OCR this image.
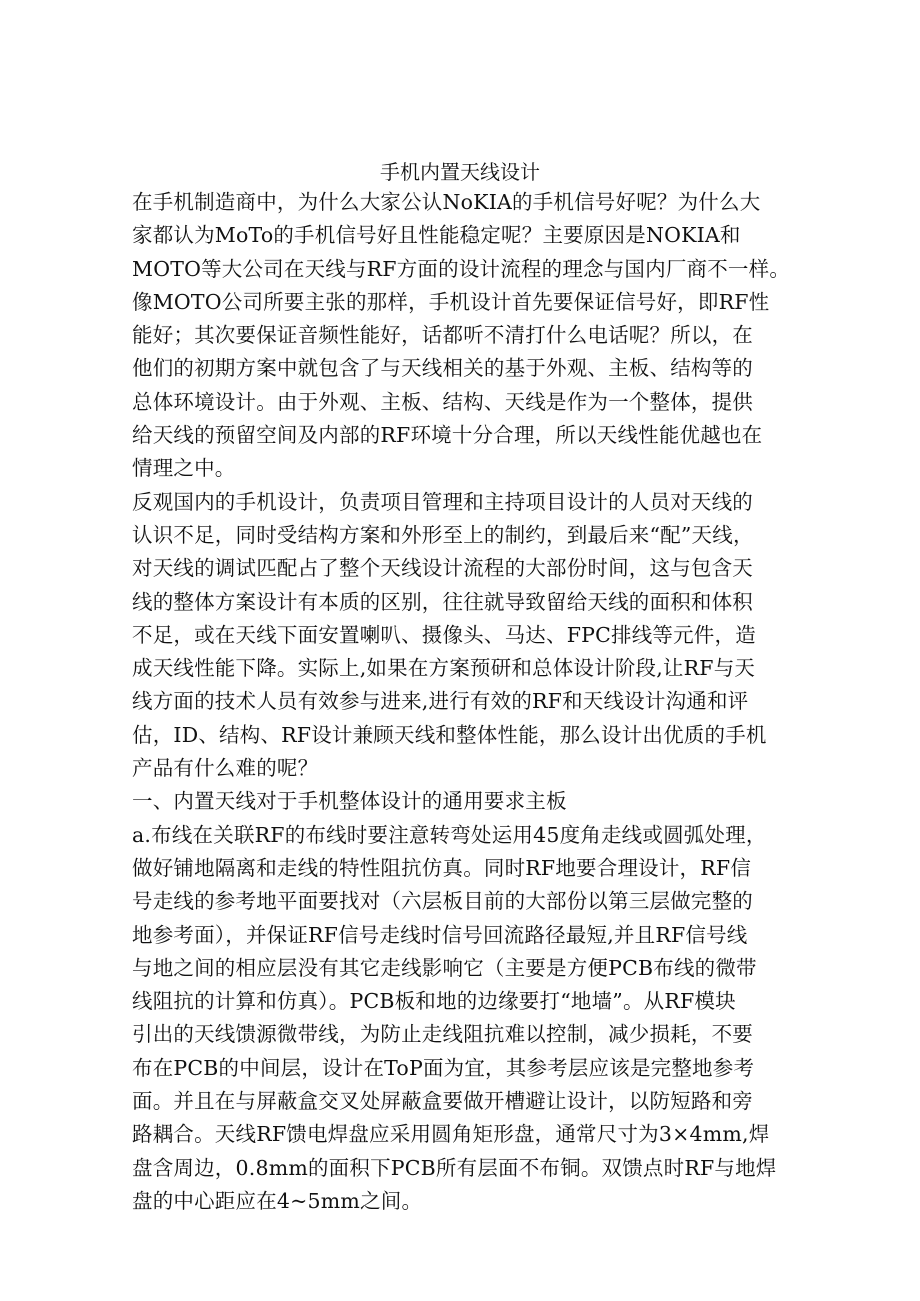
手机内置天线设计
在手机制造商中，为什么大家公认NoKIA的手机信号好呢？为什么大
家都认为MoTo的手机信号好且性能稳定呢？主要原因是NOKIA和
MOTO等大公司在天线与RF方面的设计流程的理念与国内厂商不一样。
像MOTO公司所要主张的那样，手机设计首先要保证信号好，即RF性
能好；其次要保证音频性能好，话都听不清打什么电话呢？所以，在
他们的初期方案中就包含了与天线相关的基于外观、主板、结构等的
总体环境设计。由于外观、主板、结构、天线是作为一个整体，提供
给天线的预留空间及内部的RF环境十分合理，所以天线性能优越也在
情理之中。
反观国内的手机设计，负责项目管理和主持项目设计的人员对天线的
认识不足，同时受结构方案和外形至上的制约，到最后来“配”天线，
对天线的调试匹配占了整个天线设计流程的大部份时间，这与包含天
线的整体方案设计有本质的区别，往往就导致留给天线的面积和体积
不足，或在天线下面安置喇叭、摄像头、马达、FPC排线等元件，造
成天线性能下降。实际上,如果在方案预研和总体设计阶段,让RF与天
线方面的技术人员有效参与进来,进行有效的RF和天线设计沟通和评
估，ID、结构、RF设计兼顾天线和整体性能，那么设计出优质的手机
产品有什么难的呢？
一、内置天线对于手机整体设计的通用要求主板
a.布线在关联RF的布线时要注意转弯处运用45度角走线或圆弧处理，
做好铺地隔离和走线的特性阻抗仿真。同时RF地要合理设计，RF信
号走线的参考地平面要找对（六层板目前的大部份以第三层做完整的
地参考面），并保证RF信号走线时信号回流路径最短,并且RF信号线
与地之间的相应层没有其它走线影响它（主要是方便PCB布线的微带
线阻抗的计算和仿真）。PCB板和地的边缘要打“地墙”。从RF模块
引出的天线馈源微带线，为防止走线阻抗难以控制，减少损耗，不要
布在PCB的中间层，设计在ToP面为宜，其参考层应该是完整地参考
面。并且在与屏蔽盒交叉处屏蔽盒要做开槽避让设计，以防短路和旁
路耦合。天线RF馈电焊盘应采用圆角矩形盘，通常尺寸为3×4mm,焊
盘含周边，0.8mm的面积下PCB所有层面不布铜。双馈点时RF与地焊
盘的中心距应在4~5mm之间。
